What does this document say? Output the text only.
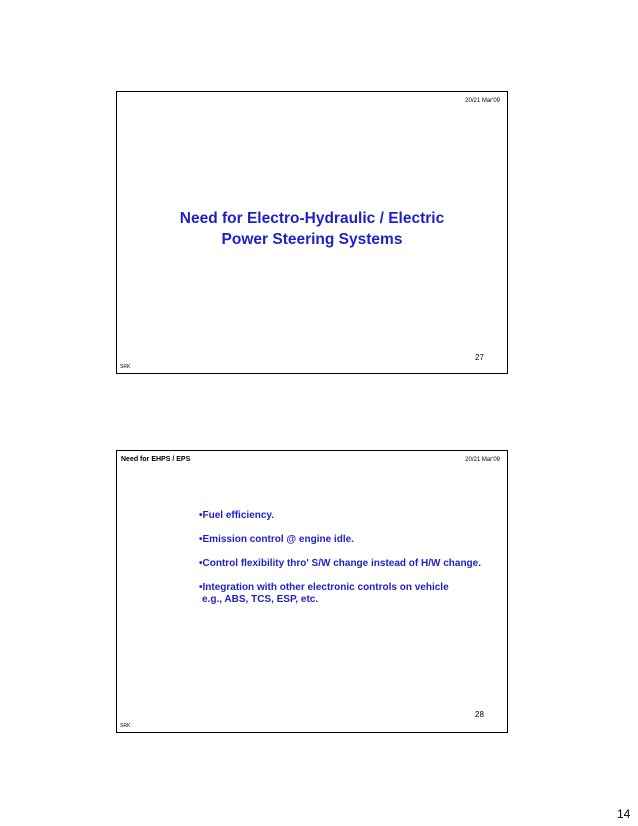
20/21 Mar'09
Need for Electro-Hydraulic / Electric
Power Steering Systems
27
SRK
Need for EHPS / EPS	20/21 Mar'09
•Fuel efficiency.
•Emission control @ engine idle.
•Control flexibility thro' S/W change instead of H/W change.
•Integration with other electronic controls on vehicle
e.g., ABS, TCS, ESP, etc.
28
SRK
14
